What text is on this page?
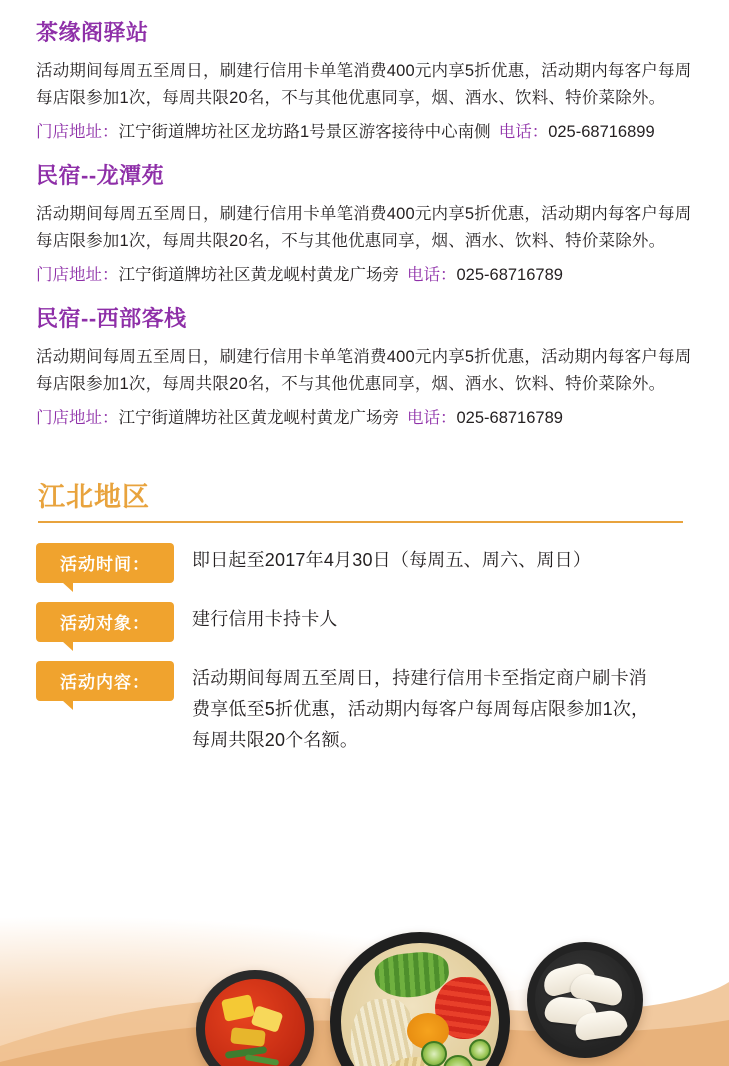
茶缘阁驿站

活动期间每周五至周日，刷建行信用卡单笔消费400元内享5折优惠，活动期内每客户每周每店限参加1次，每周共限20名，不与其他优惠同享，烟、酒水、饮料、特价菜除外。

门店地址：江宁街道牌坊社区龙坊路1号景区游客接待中心南侧 电话：025-68716899
民宿--龙潭苑

活动期间每周五至周日，刷建行信用卡单笔消费400元内享5折优惠，活动期内每客户每周每店限参加1次，每周共限20名，不与其他优惠同享，烟、酒水、饮料、特价菜除外。

门店地址：江宁街道牌坊社区黄龙岘村黄龙广场旁 电话：025-68716789
民宿--西部客栈

活动期间每周五至周日，刷建行信用卡单笔消费400元内享5折优惠，活动期内每客户每周每店限参加1次，每周共限20名，不与其他优惠同享，烟、酒水、饮料、特价菜除外。

门店地址：江宁街道牌坊社区黄龙岘村黄龙广场旁 电话：025-68716789
江北地区
活动时间：	即日起至2017年4月30日（每周五、周六、周日）
活动对象：	建行信用卡持卡人
活动内容：	活动期间每周五至周日，持建行信用卡至指定商户刷卡消费享低至5折优惠，活动期内每客户每周每店限参加1次，每周共限20个名额。
